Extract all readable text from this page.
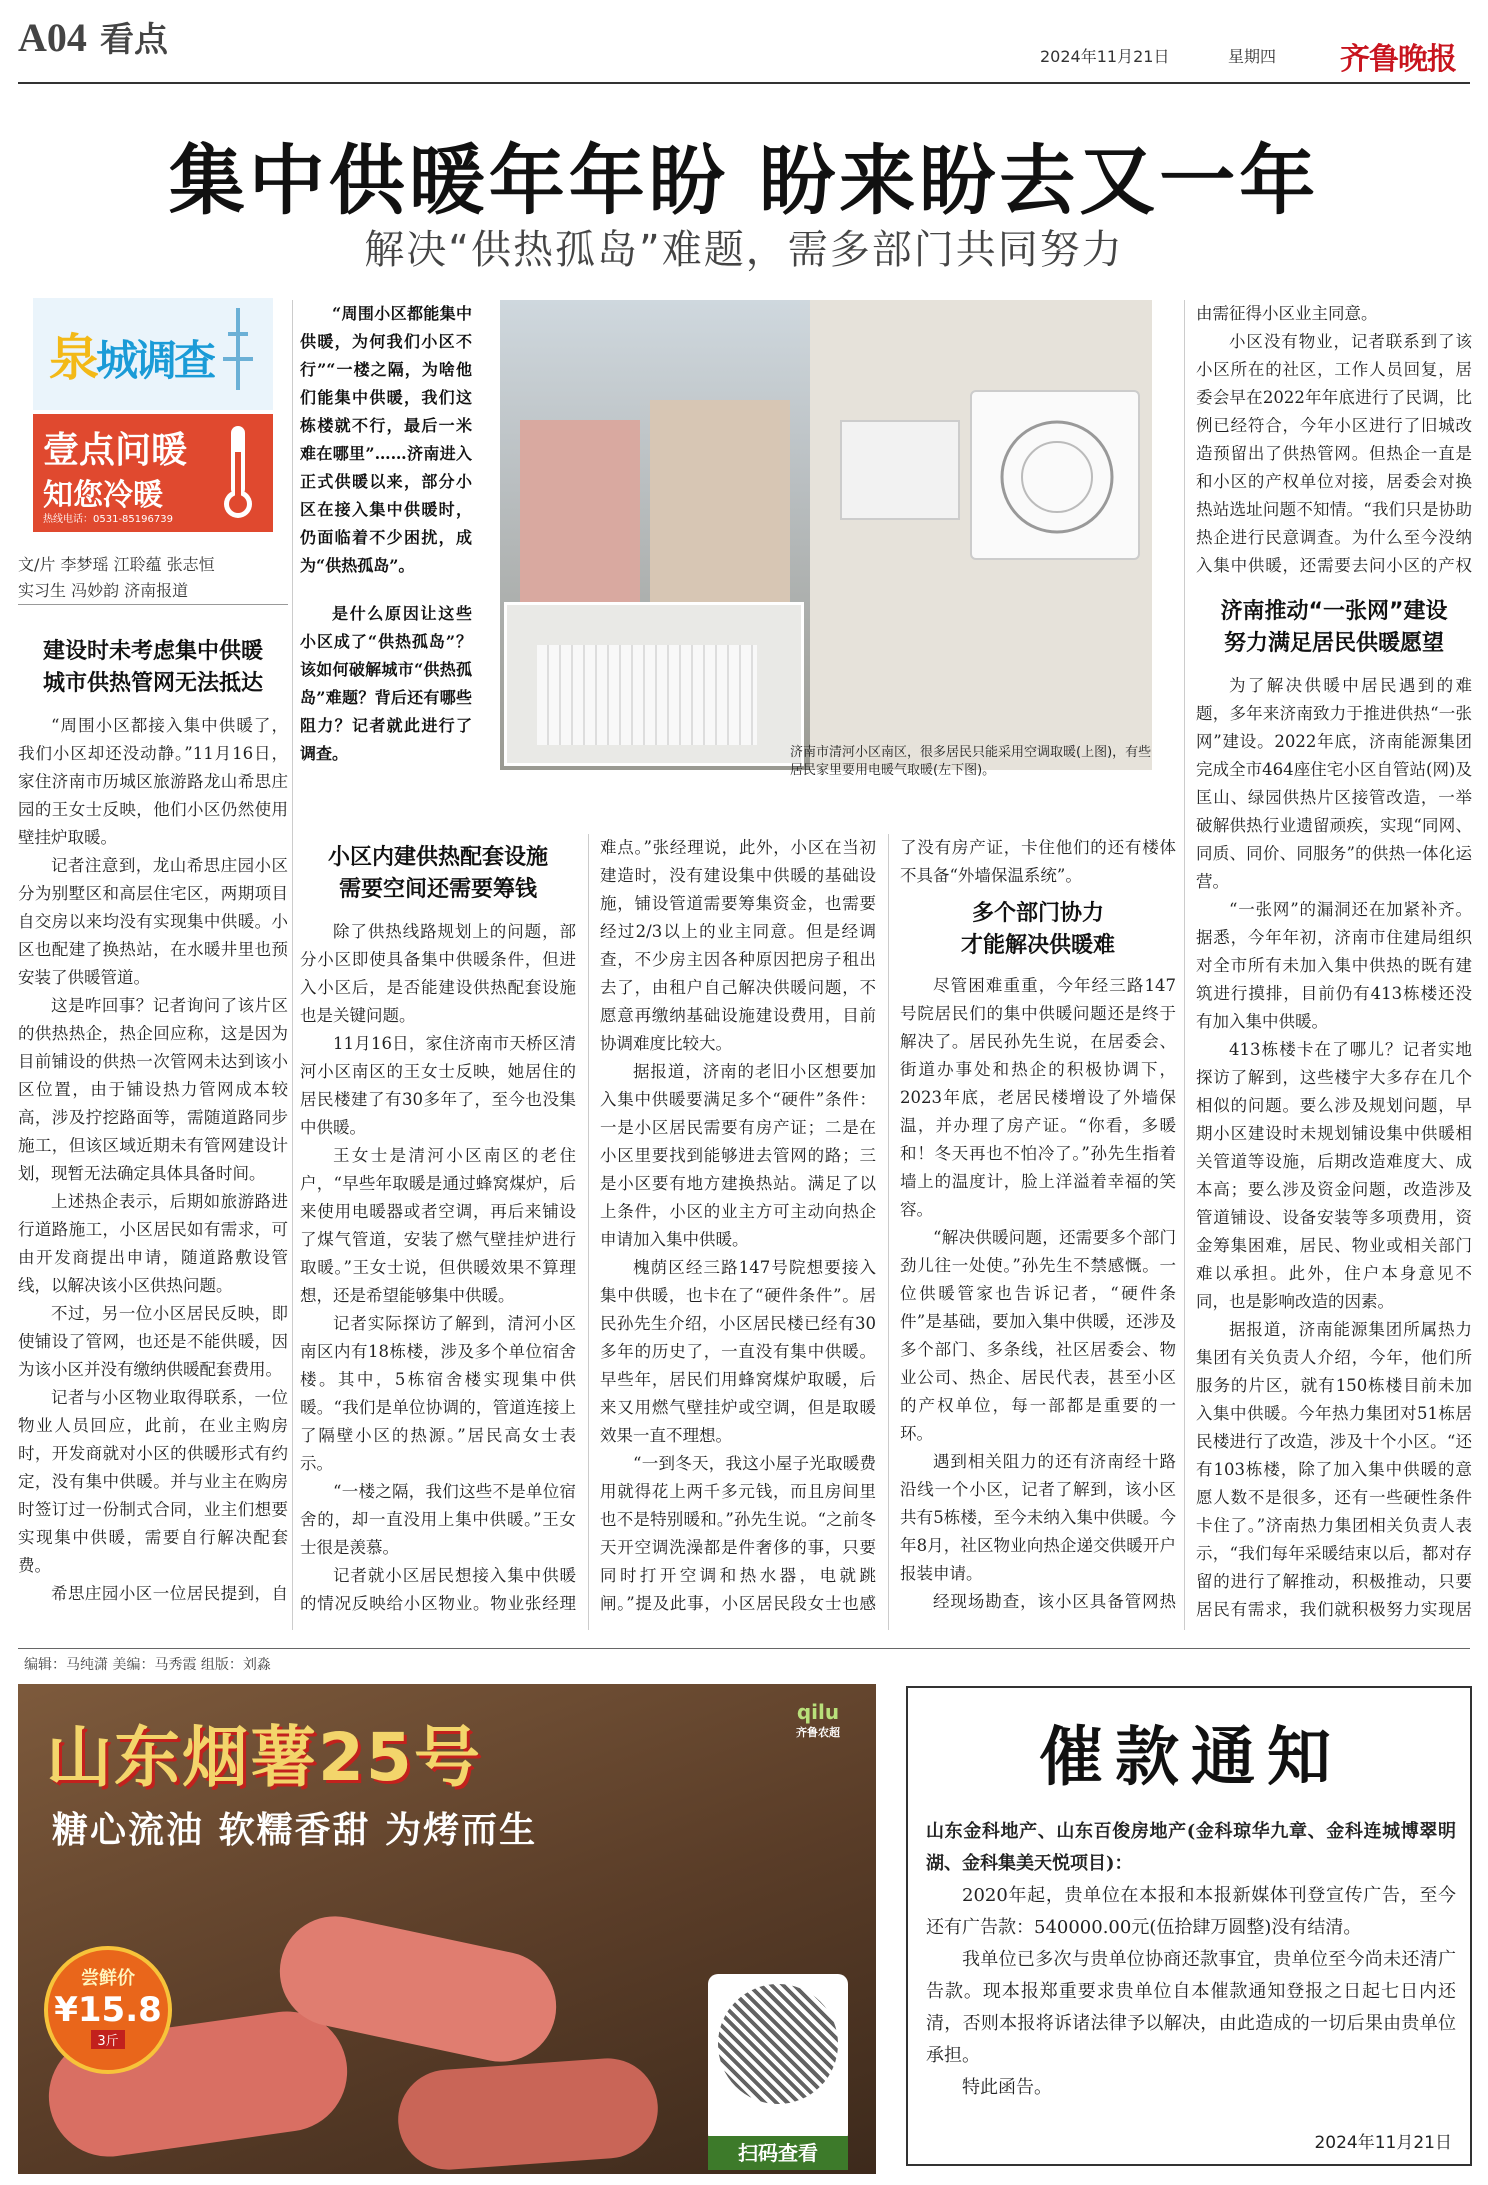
A04 看点	2024年11月21日	星期四	齐鲁晚报
集中供暖年年盼 盼来盼去又一年
解决“供热孤岛”难题，需多部门共同努力
泉城调查
壹点问暖
知您冷暖
热线电话：0531-85196739
文/片 李梦瑶 江聆蕴 张志恒
实习生 冯妙韵 济南报道
建设时未考虑集中供暖
城市供热管网无法抵达

“周围小区都接入集中供暖了，我们小区却还没动静。”11月16日，家住济南市历城区旅游路龙山希思庄园的王女士反映，他们小区仍然使用壁挂炉取暖。

记者注意到，龙山希思庄园小区分为别墅区和高层住宅区，两期项目自交房以来均没有实现集中供暖。小区也配建了换热站，在水暖井里也预安装了供暖管道。

这是咋回事？记者询问了该片区的供热热企，热企回应称，这是因为目前铺设的供热一次管网未达到该小区位置，由于铺设热力管网成本较高，涉及拧挖路面等，需随道路同步施工，但该区域近期未有管网建设计划，现暂无法确定具体具备时间。

上述热企表示，后期如旅游路进行道路施工，小区居民如有需求，可由开发商提出申请，随道路敷设管线，以解决该小区供热问题。

不过，另一位小区居民反映，即使铺设了管网，也还是不能供暖，因为该小区并没有缴纳供暖配套费用。

记者与小区物业取得联系，一位物业人员回应，此前，在业主购房时，开发商就对小区的供暖形式有约定，没有集中供暖。并与业主在购房时签订过一份制式合同，业主们想要实现集中供暖，需要自行解决配套费。

希思庄园小区一位居民提到，自

“周围小区都能集中供暖，为何我们小区不行”“一楼之隔，为啥他们能集中供暖，我们这栋楼就不行，最后一米难在哪里”……济南进入正式供暖以来，部分小区在接入集中供暖时，仍面临着不少困扰，成为“供热孤岛”。

济南市清河小区南区，很多居民只能采用空调取暖(上图)，有些居民家里要用电暖气取暖(左下图)。

是什么原因让这些小区成了“供热孤岛”？该如何破解城市“供热孤岛”难题？背后还有哪些阻力？记者就此进行了调查。

小区内建供热配套设施
需要空间还需要筹钱

除了供热线路规划上的问题，部分小区即使具备集中供暖条件，但进入小区后，是否能建设供热配套设施也是关键问题。

11月16日，家住济南市天桥区清河小区南区的王女士反映，她居住的居民楼建了有30多年了，至今也没集中供暖。

王女士是清河小区南区的老住户，“早些年取暖是通过蜂窝煤炉，后来使用电暖器或者空调，再后来铺设了煤气管道，安装了燃气壁挂炉进行取暖。”王女士说，但供暖效果不算理想，还是希望能够集中供暖。

记者实际探访了解到，清河小区南区内有18栋楼，涉及多个单位宿舍楼。其中，5栋宿舍楼实现集中供暖。“我们是单位协调的，管道连接上了隔壁小区的热源。”居民高女士表示。

“一楼之隔，我们这些不是单位宿舍的，却一直没用上集中供暖。”王女士很是羡慕。

记者就小区居民想接入集中供暖的情况反映给小区物业。物业张经理

难点。”张经理说，此外，小区在当初建造时，没有建设集中供暖的基础设施，铺设管道需要筹集资金，也需要经过2/3以上的业主同意。但是经调查，不少房主因各种原因把房子租出去了，由租户自己解决供暖问题，不愿意再缴纳基础设施建设费用，目前协调难度比较大。

据报道，济南的老旧小区想要加入集中供暖要满足多个“硬件”条件：一是小区居民需要有房产证；二是在小区里要找到能够进去管网的路；三是小区要有地方建换热站。满足了以上条件，小区的业主方可主动向热企申请加入集中供暖。

槐荫区经三路147号院想要接入集中供暖，也卡在了“硬件条件”。居民孙先生介绍，小区居民楼已经有30多年的历史了，一直没有集中供暖。早些年，居民们用蜂窝煤炉取暖，后来又用燃气壁挂炉或空调，但是取暖效果一直不理想。

“一到冬天，我这小屋子光取暖费用就得花上两千多元钱，而且房间里也不是特别暖和。”孙先生说。“之前冬天开空调洗澡都是件奢侈的事，只要同时打开空调和热水器，电就跳闸。”提及此事，小区居民段女士也感

了没有房产证，卡住他们的还有楼体不具备“外墙保温系统”。

多个部门协力
才能解决供暖难

尽管困难重重，今年经三路147号院居民们的集中供暖问题还是终于解决了。居民孙先生说，在居委会、街道办事处和热企的积极协调下，2023年底，老居民楼增设了外墙保温，并办理了房产证。“你看，多暖和！冬天再也不怕冷了。”孙先生指着墙上的温度计，脸上洋溢着幸福的笑容。

“解决供暖问题，还需要多个部门劲儿往一处使。”孙先生不禁感慨。一位供暖管家也告诉记者，“硬件条件”是基础，要加入集中供暖，还涉及多个部门、多条线，社区居委会、物业公司、热企、居民代表，甚至小区的产权单位，每一部都是重要的一环。

遇到相关阻力的还有济南经十路沿线一个小区，记者了解到，该小区共有5栋楼，至今未纳入集中供暖。今年8月，社区物业向热企递交供暖开户报装申请。

经现场勘查，该小区具备管网热

由需征得小区业主同意。

小区没有物业，记者联系到了该小区所在的社区，工作人员回复，居委会早在2022年年底进行了民调，比例已经符合，今年小区进行了旧城改造预留出了供热管网。但热企一直是和小区的产权单位对接，居委会对换热站选址问题不知情。“我们只是协助热企进行民意调查。为什么至今没纳入集中供暖，还需要去问小区的产权

济南推动“一张网”建设
努力满足居民供暖愿望

为了解决供暖中居民遇到的难题，多年来济南致力于推进供热“一张网”建设。2022年底，济南能源集团完成全市464座住宅小区自管站(网)及匡山、绿园供热片区接管改造，一举破解供热行业遗留顽疾，实现“同网、同质、同价、同服务”的供热一体化运营。

“一张网”的漏洞还在加紧补齐。据悉，今年年初，济南市住建局组织对全市所有未加入集中供热的既有建筑进行摸排，目前仍有413栋楼还没有加入集中供暖。

413栋楼卡在了哪儿？记者实地探访了解到，这些楼宇大多存在几个相似的问题。要么涉及规划问题，早期小区建设时未规划铺设集中供暖相关管道等设施，后期改造难度大、成本高；要么涉及资金问题，改造涉及管道铺设、设备安装等多项费用，资金筹集困难，居民、物业或相关部门难以承担。此外，住户本身意见不同，也是影响改造的因素。

据报道，济南能源集团所属热力集团有关负责人介绍，今年，他们所服务的片区，就有150栋楼目前未加入集中供暖。今年热力集团对51栋居民楼进行了改造，涉及十个小区。“还有103栋楼，除了加入集中供暖的意愿人数不是很多，还有一些硬性条件卡住了。”济南热力集团相关负责人表示，“我们每年采暖结束以后，都对存留的进行了解推动，积极推动，只要居民有需求，我们就积极努力实现居

编辑：马纯潇 美编：马秀霞 组版：刘淼
山东烟薯25号
糖心流油 软糯香甜 为烤而生
qilu
齐鲁农超
尝鲜价
¥15.8
3斤
扫码查看
催款通知

山东金科地产、山东百俊房地产(金科琼华九章、金科连城博翠明湖、金科集美天悦项目)：

2020年起，贵单位在本报和本报新媒体刊登宣传广告，至今还有广告款：540000.00元(伍拾肆万圆整)没有结清。

我单位已多次与贵单位协商还款事宜，贵单位至今尚未还清广告款。现本报郑重要求贵单位自本催款通知登报之日起七日内还清，否则本报将诉诸法律予以解决，由此造成的一切后果由贵单位承担。

特此函告。

2024年11月21日
